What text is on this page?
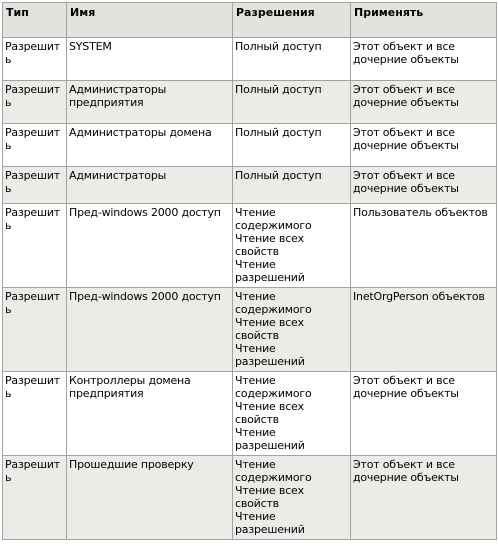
Тип	Имя	Разрешения	Применять
Разрешить	SYSTEM	Полный доступ	Этот объект и все дочерние объекты
Разрешить	Администраторы предприятия	Полный доступ	Этот объект и все дочерние объекты
Разрешить	Администраторы домена	Полный доступ	Этот объект и все дочерние объекты
Разрешить	Администраторы	Полный доступ	Этот объект и все дочерние объекты
Разрешить	Пред-windows 2000 доступ	Чтение содержимого
Чтение всех свойств
Чтение разрешений	Пользователь объектов
Разрешить	Пред-windows 2000 доступ	Чтение содержимого
Чтение всех свойств
Чтение разрешений	InetOrgPerson объектов
Разрешить	Контроллеры домена предприятия	Чтение содержимого
Чтение всех свойств
Чтение разрешений	Этот объект и все дочерние объекты
Разрешить	Прошедшие проверку	Чтение содержимого
Чтение всех свойств
Чтение разрешений	Этот объект и все дочерние объекты
